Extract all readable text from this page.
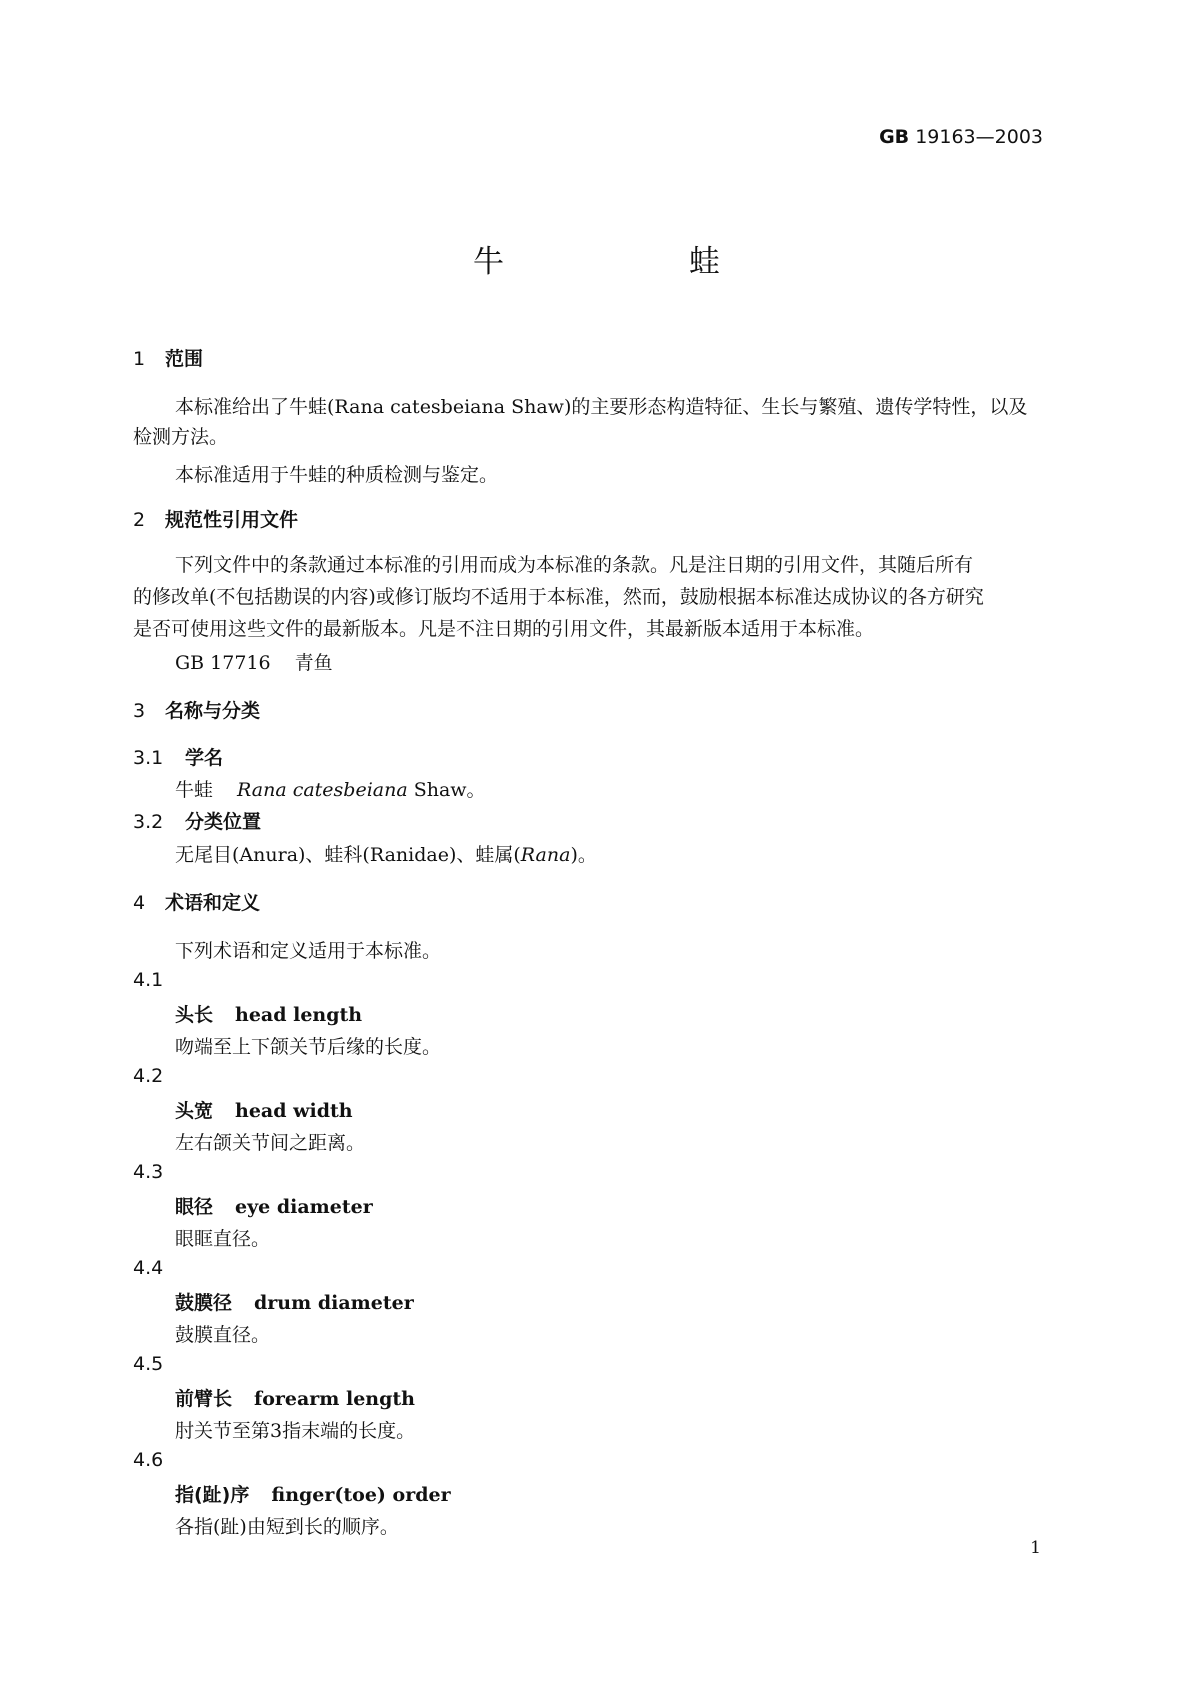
GB 19163—2003
牛	蛙
1 范围
本标准给出了牛蛙(Rana catesbeiana Shaw)的主要形态构造特征、生长与繁殖、遗传学特性，以及
检测方法。
本标准适用于牛蛙的种质检测与鉴定。
2 规范性引用文件
下列文件中的条款通过本标准的引用而成为本标准的条款。凡是注日期的引用文件，其随后所有
的修改单(不包括勘误的内容)或修订版均不适用于本标准，然而，鼓励根据本标准达成协议的各方研究
是否可使用这些文件的最新版本。凡是不注日期的引用文件，其最新版本适用于本标准。
GB 17716 青鱼
3 名称与分类
3.1 学名
牛蛙 Rana catesbeiana Shaw。
3.2 分类位置
无尾目(Anura)、蛙科(Ranidae)、蛙属(Rana)。
4 术语和定义
下列术语和定义适用于本标准。
4.1
头长 head length
吻端至上下颌关节后缘的长度。
4.2
头宽 head width
左右颌关节间之距离。
4.3
眼径 eye diameter
眼眶直径。
4.4
鼓膜径 drum diameter
鼓膜直径。
4.5
前臂长 forearm length
肘关节至第3指末端的长度。
4.6
指(趾)序 finger(toe) order
各指(趾)由短到长的顺序。
1
